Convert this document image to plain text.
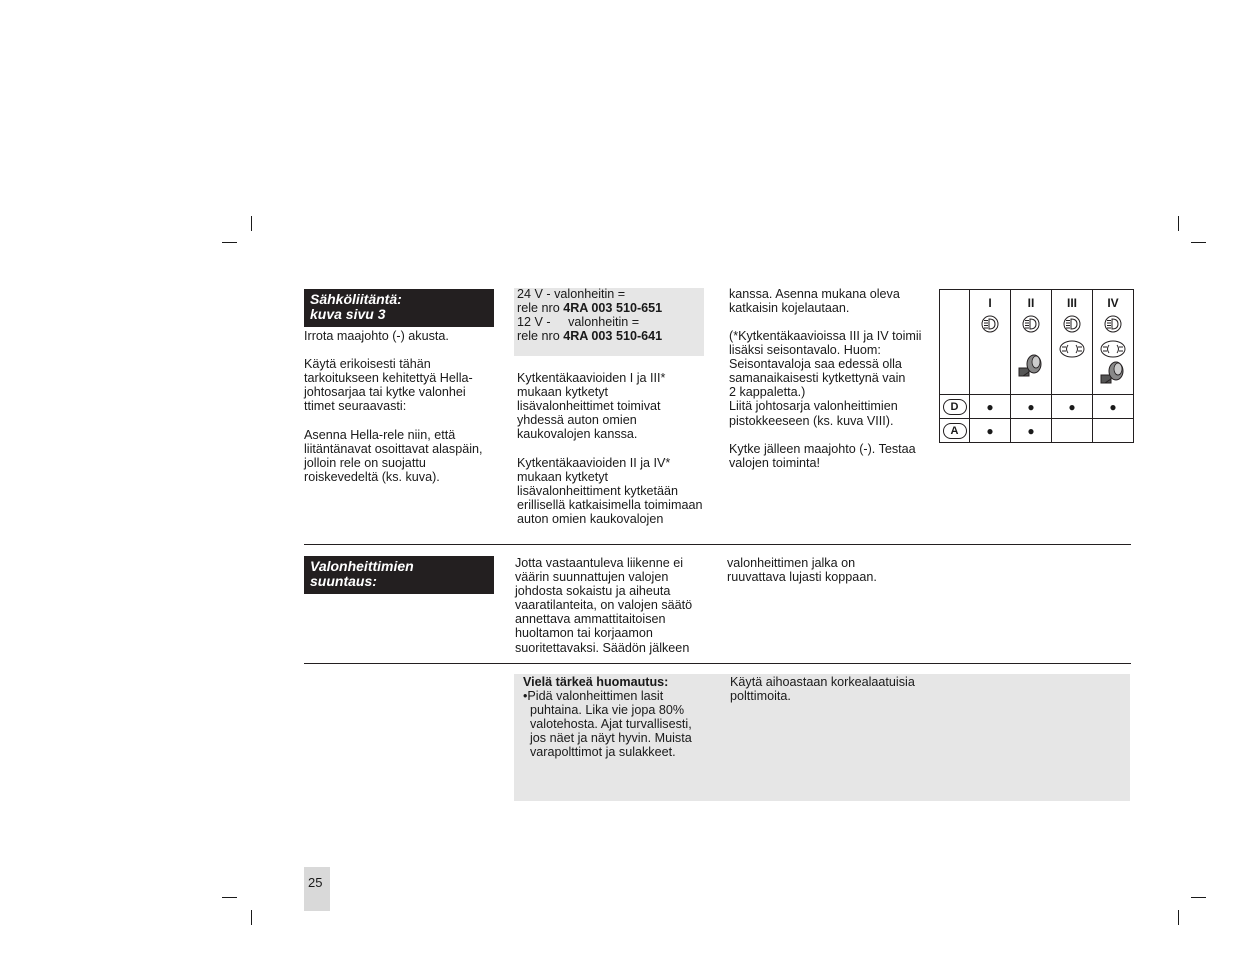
Sähköliitäntä:
kuva sivu 3
Irrota maajohto (-) akusta.
Käytä erikoisesti tähän
tarkoitukseen kehitettyä Hella-
johtosarjaa tai kytke valonhei
ttimet seuraavasti:
Asenna Hella-rele niin, että
liitäntänavat osoittavat alaspäin,
jolloin rele on suojattu
roiskevedeltä (ks. kuva).
24 V - valonheitin =
rele nro 4RA 003 510-651
12 V -     valonheitin =
rele nro 4RA 003 510-641
Kytkentäkaavioiden I ja III*
mukaan kytketyt
lisävalonheittimet toimivat
yhdessä auton omien
kaukovalojen kanssa.
Kytkentäkaavioiden II ja IV*
mukaan kytketyt
lisävalonheittiment kytketään
erillisellä katkaisimella toimimaan
auton omien kaukovalojen
kanssa. Asenna mukana oleva
katkaisin kojelautaan.
(*Kytkentäkaavioissa III ja IV toimii
lisäksi seisontavalo. Huom:
Seisontavaloja saa edessä olla
samanaikaisesti kytkettynä vain
2 kappaletta.)
Liitä johtosarja valonheittimien
pistokkeeseen (ks. kuva VIII).
Kytke jälleen maajohto (-). Testaa
valojen toiminta!

	I	II	III	IV

D	●	●	●	●
A	●	●		
Valonheittimien
suuntaus:
Jotta vastaantuleva liikenne ei
väärin suunnattujen valojen
johdosta sokaistu ja aiheuta
vaaratilanteita, on valojen säätö
annettava ammattitaitoisen
huoltamon tai korjaamon
suoritettavaksi. Säädön jälkeen
valonheittimen jalka on
ruuvattava lujasti koppaan.
Vielä tärkeä huomautus:
•Pidä valonheittimen lasit
puhtaina. Lika vie jopa 80%
valotehosta. Ajat turvallisesti,
jos näet ja näyt hyvin. Muista
varapolttimot ja sulakkeet.
Käytä aihoastaan korkealaatuisia
polttimoita.
25
